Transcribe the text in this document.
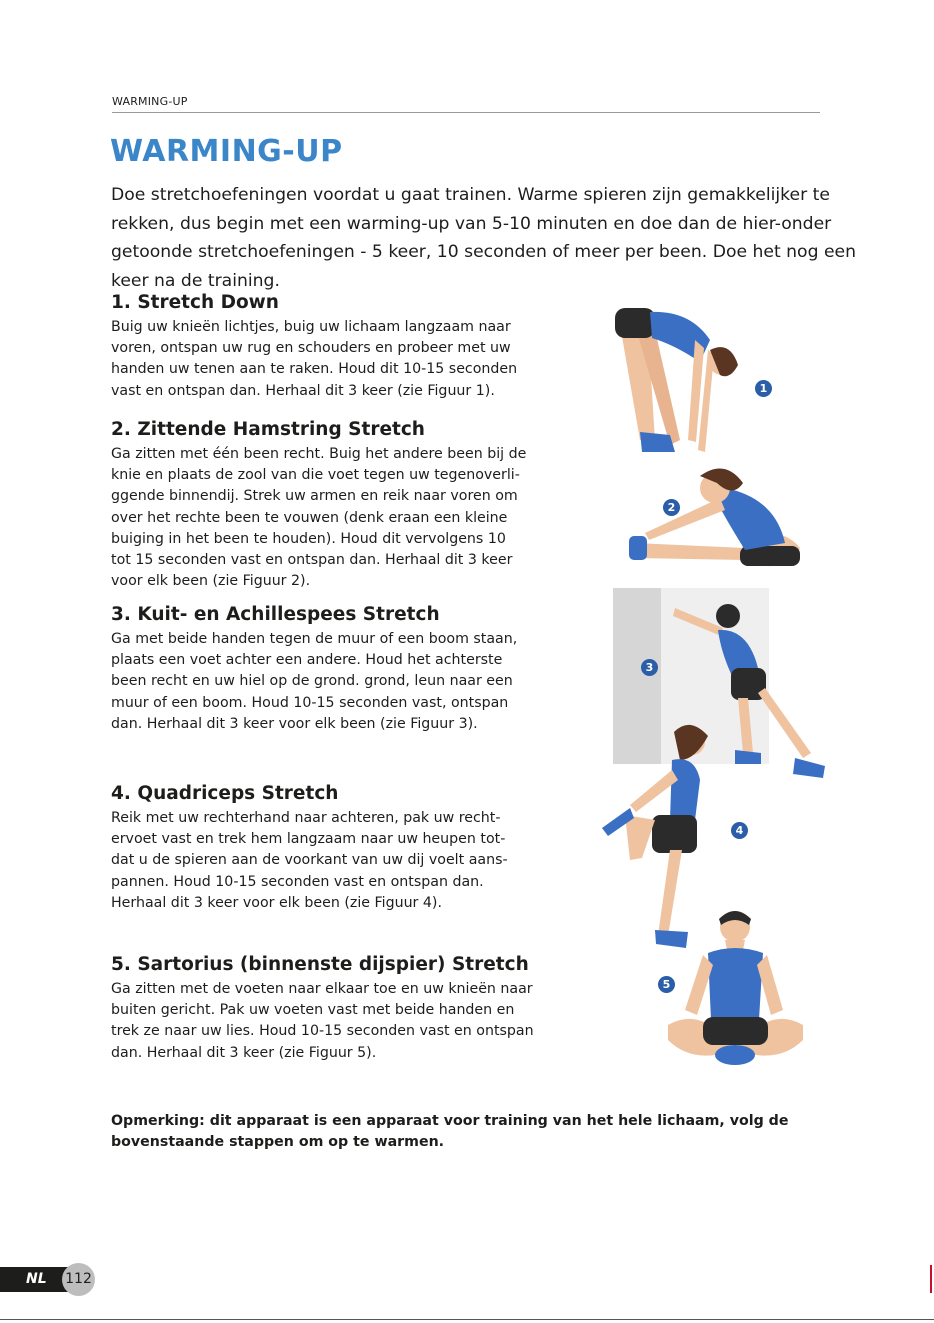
WARMING-UP
WARMING-UP

Doe stretchoefeningen voordat u gaat trainen. Warme spieren zijn gemakkelijker te rekken, dus begin met een warming-up van 5-10 minuten en doe dan de hier-onder getoonde stretchoefeningen - 5 keer, 10 seconden of meer per been. Doe het nog een keer na de training.

1. Stretch Down

Buig uw knieën lichtjes, buig uw lichaam langzaam naar
voren, ontspan uw rug en schouders en probeer met uw
handen uw tenen aan te raken. Houd dit 10-15 seconden
vast en ontspan dan. Herhaal dit 3 keer (zie Figuur 1).

2. Zittende Hamstring Stretch

Ga zitten met één been recht. Buig het andere been bij de
knie en plaats de zool van die voet tegen uw tegenoverli-
ggende binnendij. Strek uw armen en reik naar voren om
over het rechte been te vouwen (denk eraan een kleine
buiging in het been te houden). Houd dit vervolgens 10
tot 15 seconden vast en ontspan dan. Herhaal dit 3 keer
voor elk been (zie Figuur 2).

3. Kuit- en Achillespees Stretch

Ga met beide handen tegen de muur of een boom staan,
plaats een voet achter een andere. Houd het achterste
been recht en uw hiel op de grond. grond, leun naar een
muur of een boom. Houd 10-15 seconden vast, ontspan
dan. Herhaal dit 3 keer voor elk been (zie Figuur 3).

4. Quadriceps Stretch

Reik met uw rechterhand naar achteren, pak uw recht-
ervoet vast en trek hem langzaam naar uw heupen tot-
dat u de spieren aan de voorkant van uw dij voelt aans-
pannen. Houd 10-15 seconden vast en ontspan dan.
Herhaal dit 3 keer voor elk been (zie Figuur 4).

5. Sartorius (binnenste dijspier) Stretch

Ga zitten met de voeten naar elkaar toe en uw knieën naar
buiten gericht. Pak uw voeten vast met beide handen en
trek ze naar uw lies. Houd 10-15 seconden vast en ontspan
dan. Herhaal dit 3 keer (zie Figuur 5).

1
2
3
4
5

Opmerking: dit apparaat is een apparaat voor training van het hele lichaam, volg de
bovenstaande stappen om op te warmen.

NL 112
